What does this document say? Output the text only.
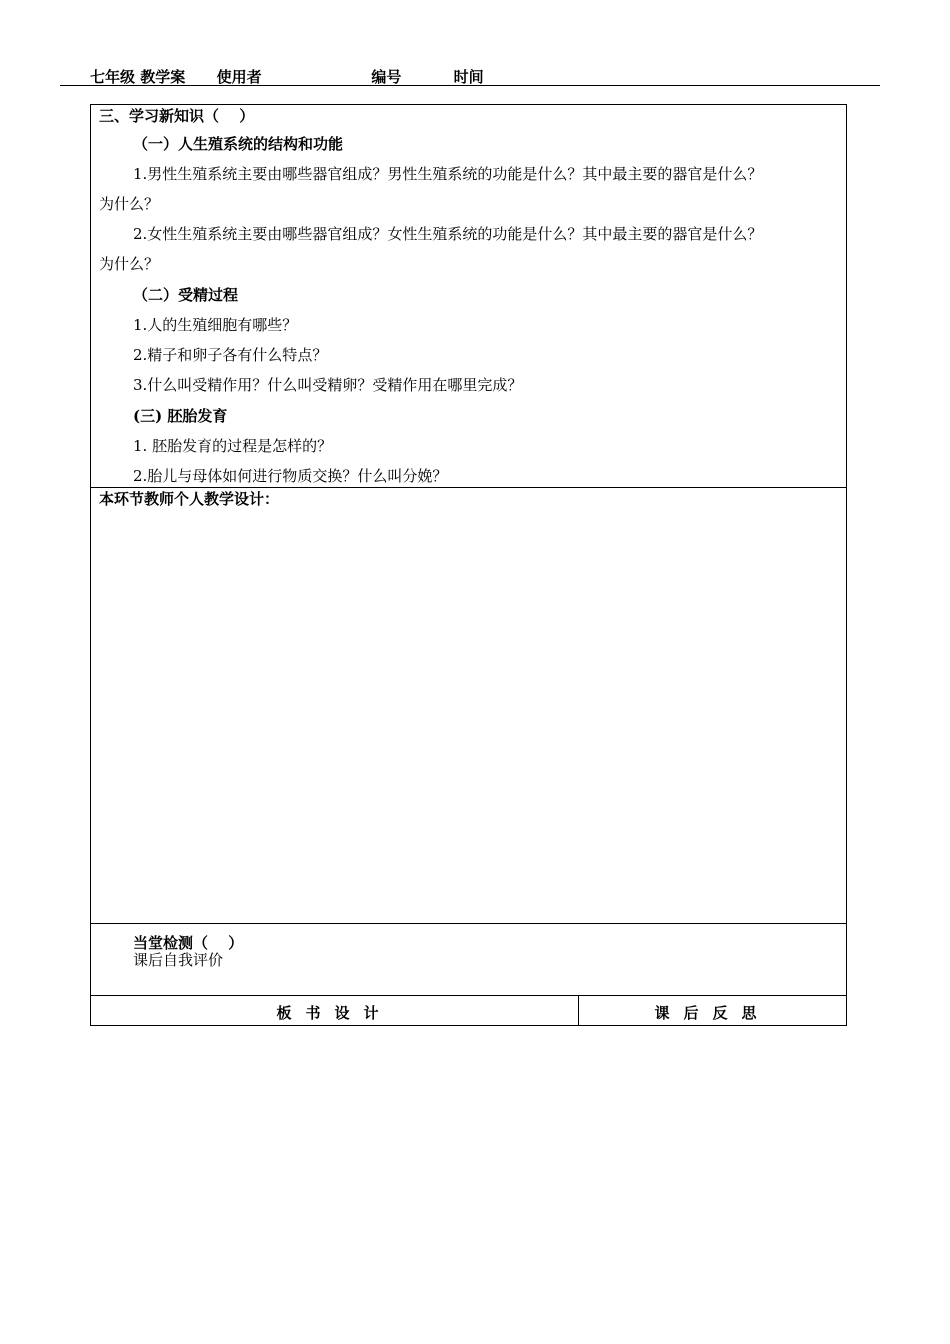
七年级 教学案 使用者	编号	时间
三、学习新知识（　 ）
（一）人生殖系统的结构和功能
1.男性生殖系统主要由哪些器官组成？男性生殖系统的功能是什么？其中最主要的器官是什么？
为什么？
2.女性生殖系统主要由哪些器官组成？女性生殖系统的功能是什么？其中最主要的器官是什么？
为什么？
（二）受精过程
1.人的生殖细胞有哪些？
2.精子和卵子各有什么特点？
3.什么叫受精作用？什么叫受精卵？受精作用在哪里完成？
(三) 胚胎发育
1. 胚胎发育的过程是怎样的？
2.胎儿与母体如何进行物质交换？什么叫分娩？
本环节教师个人教学设计：
当堂检测（　 ）
课后自我评价
板书设计	课后反思
